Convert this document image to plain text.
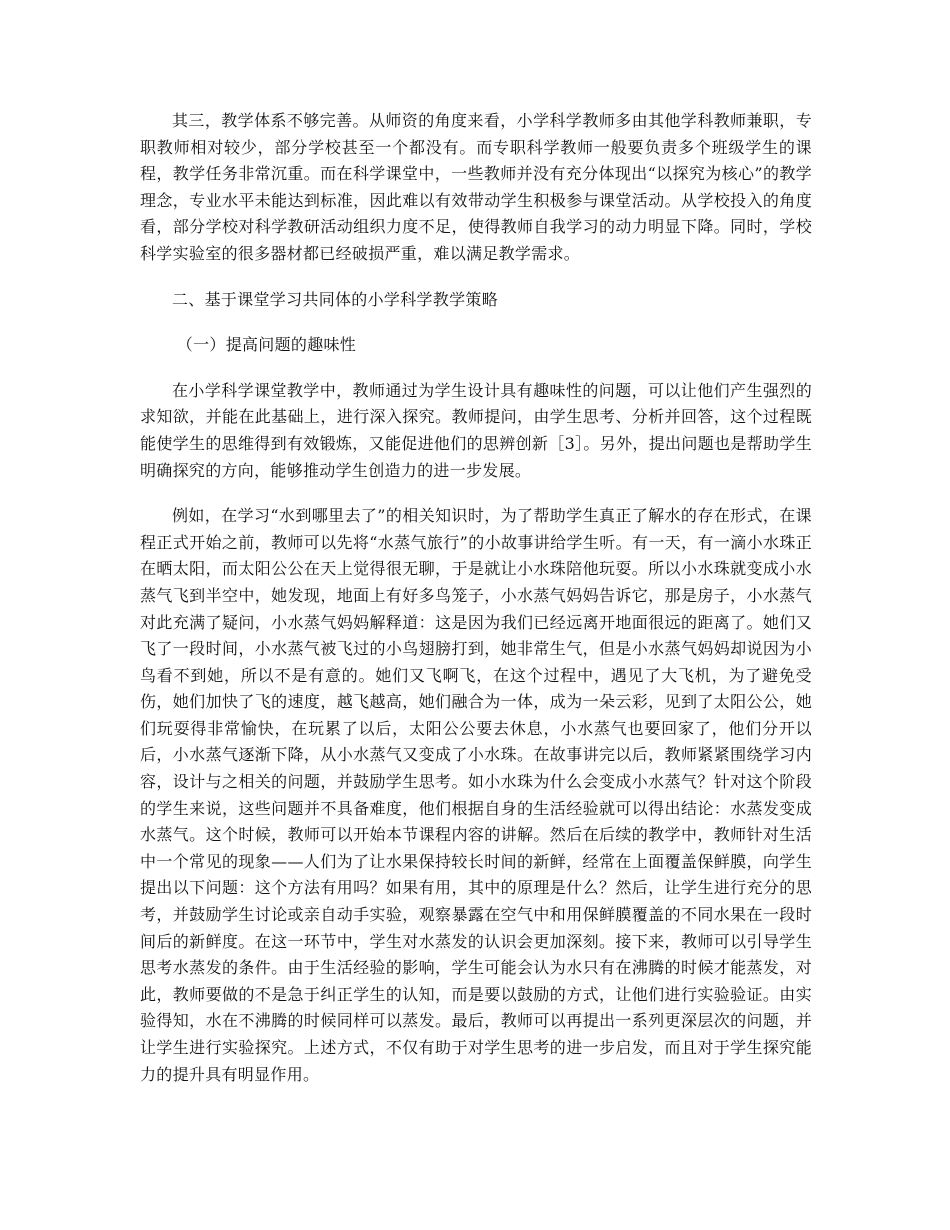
其三，教学体系不够完善。从师资的角度来看，小学科学教师多由其他学科教师兼职，专职教师相对较少，部分学校甚至一个都没有。而专职科学教师一般要负责多个班级学生的课程，教学任务非常沉重。而在科学课堂中，一些教师并没有充分体现出“以探究为核心”的教学理念，专业水平未能达到标准，因此难以有效带动学生积极参与课堂活动。从学校投入的角度看，部分学校对科学教研活动组织力度不足，使得教师自我学习的动力明显下降。同时，学校科学实验室的很多器材都已经破损严重，难以满足教学需求。

二、基于课堂学习共同体的小学科学教学策略

（一）提高问题的趣味性

在小学科学课堂教学中，教师通过为学生设计具有趣味性的问题，可以让他们产生强烈的求知欲，并能在此基础上，进行深入探究。教师提问，由学生思考、分析并回答，这个过程既能使学生的思维得到有效锻炼，又能促进他们的思辨创新［3］。另外，提出问题也是帮助学生明确探究的方向，能够推动学生创造力的进一步发展。

例如，在学习“水到哪里去了”的相关知识时，为了帮助学生真正了解水的存在形式，在课程正式开始之前，教师可以先将“水蒸气旅行”的小故事讲给学生听。有一天，有一滴小水珠正在晒太阳，而太阳公公在天上觉得很无聊，于是就让小水珠陪他玩耍。所以小水珠就变成小水蒸气飞到半空中，她发现，地面上有好多鸟笼子，小水蒸气妈妈告诉它，那是房子，小水蒸气对此充满了疑问，小水蒸气妈妈解释道：这是因为我们已经远离开地面很远的距离了。她们又飞了一段时间，小水蒸气被飞过的小鸟翅膀打到，她非常生气，但是小水蒸气妈妈却说因为小鸟看不到她，所以不是有意的。她们又飞啊飞，在这个过程中，遇见了大飞机，为了避免受伤，她们加快了飞的速度，越飞越高，她们融合为一体，成为一朵云彩，见到了太阳公公，她们玩耍得非常愉快，在玩累了以后，太阳公公要去休息，小水蒸气也要回家了，他们分开以后，小水蒸气逐渐下降，从小水蒸气又变成了小水珠。在故事讲完以后，教师紧紧围绕学习内容，设计与之相关的问题，并鼓励学生思考。如小水珠为什么会变成小水蒸气？针对这个阶段的学生来说，这些问题并不具备难度，他们根据自身的生活经验就可以得出结论：水蒸发变成水蒸气。这个时候，教师可以开始本节课程内容的讲解。然后在后续的教学中，教师针对生活中一个常见的现象——人们为了让水果保持较长时间的新鲜，经常在上面覆盖保鲜膜，向学生提出以下问题：这个方法有用吗？如果有用，其中的原理是什么？然后，让学生进行充分的思考，并鼓励学生讨论或亲自动手实验，观察暴露在空气中和用保鲜膜覆盖的不同水果在一段时间后的新鲜度。在这一环节中，学生对水蒸发的认识会更加深刻。接下来，教师可以引导学生思考水蒸发的条件。由于生活经验的影响，学生可能会认为水只有在沸腾的时候才能蒸发，对此，教师要做的不是急于纠正学生的认知，而是要以鼓励的方式，让他们进行实验验证。由实验得知，水在不沸腾的时候同样可以蒸发。最后，教师可以再提出一系列更深层次的问题，并让学生进行实验探究。上述方式，不仅有助于对学生思考的进一步启发，而且对于学生探究能力的提升具有明显作用。
